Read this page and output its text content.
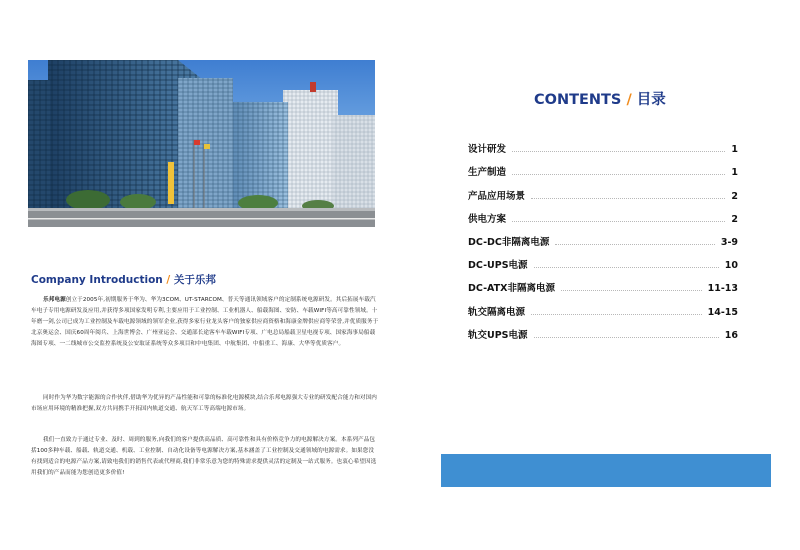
Company Introduction / 关于乐邦
乐邦电源创立于2005年,初期服务于华为、华为3COM、UT-STARCOM、普天等通讯领域客户的定制系统电源研发。其后拓展车载汽车电子专用电源研发及应用,并获得多项国家发明专利,主要应用于工业控制、工业机器人、船载海图、安防、车载WIFI等高可靠性领域。十年磨一剑,公司已成为工业控制及车载电源领域的领军企业,获得多家行业龙头客户的独家供应商资格和海康金牌供应商等荣誉,并优质服务于北京奥运会、国庆60周年阅兵、上海世博会、广州亚运会、交通部长途客车车载WIFI专项、广电总局船载卫星电视专项、国家海事局船载海图专项、一二线城市公交监控系统及公安取证系统等众多项目和中电集团、中航集团、中船重工、海康、大华等优质客户。
同时作为华为数字能源的合作伙伴,借助华为优异的产品性能和可靠的标准化电源模块,结合乐邦电源强大专业的研发配合能力和对国内市场应用环境的精准把握,双方共同携手开拓国内轨道交通、航天军工等高端电源市场。
我们一直致力于通过专业、及时、周到的服务,向我们的客户提供高品质、高可靠性和具有价格竞争力的电源解决方案。本系列产品包括100多种车载、船载、轨道交通、机载、工业控制、自动化设备等电源解决方案,基本涵盖了工业控制及交通领域的电源需求。如果您没有找到适合的电源产品方案,请致电我们的销售代表或代理商,我们非常乐意为您的特殊需求提供灵活的定制及一站式服务。也衷心希望因选用我们的产品而能为您创造更多价值!
CONTENTS / 目录
设计研发	1
生产制造	1
产品应用场景	2
供电方案	2
DC-DC非隔离电源	3-9
DC-UPS电源	10
DC-ATX非隔离电源	11-13
轨交隔离电源	14-15
轨交UPS电源	16
